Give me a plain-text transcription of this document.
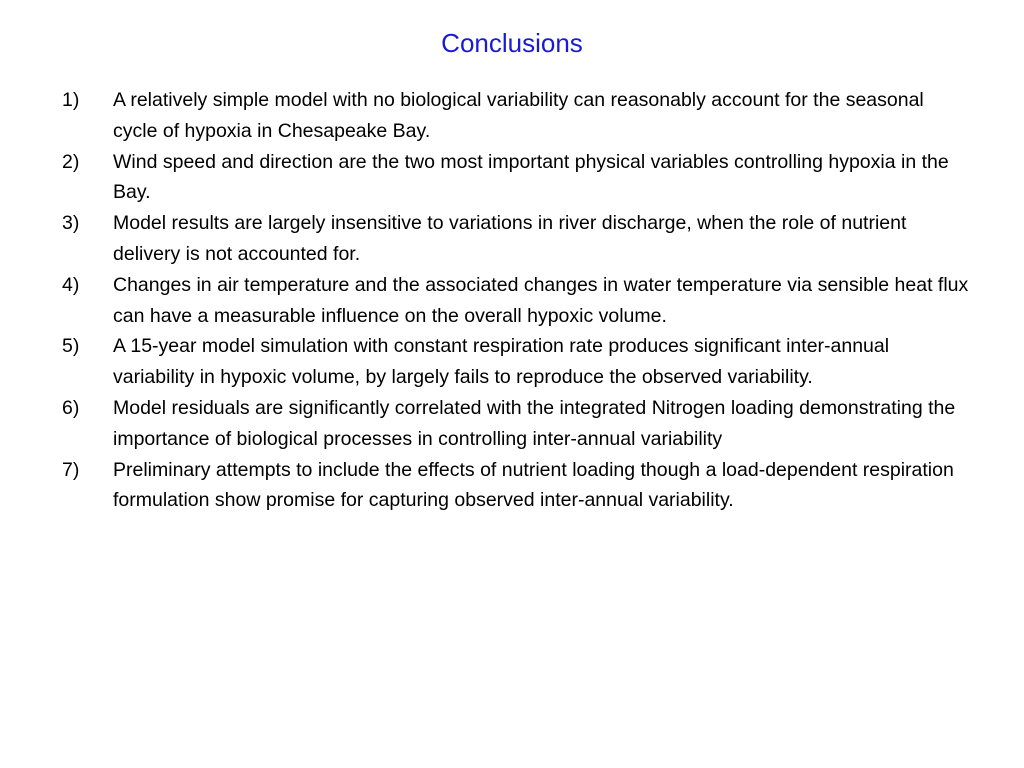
Conclusions
1)	A relatively simple model with no biological variability can reasonably account for the seasonal cycle of hypoxia in Chesapeake Bay.
2)	Wind speed and direction are the two most important physical variables controlling hypoxia in the Bay.
3)	Model results are largely insensitive to variations in river discharge, when the role of nutrient delivery is not accounted for.
4)	Changes in air temperature and the associated changes in water temperature via sensible heat flux can have a measurable influence on the overall hypoxic volume.
5)	A 15-year model simulation with constant respiration rate produces significant inter-annual variability in hypoxic volume, by largely fails to reproduce the observed variability.
6)	Model residuals are significantly correlated with the integrated Nitrogen loading demonstrating the importance of biological processes in controlling inter-annual variability
7)	Preliminary attempts to include the effects of nutrient loading though a load-dependent respiration formulation show promise for capturing observed inter-annual variability.
